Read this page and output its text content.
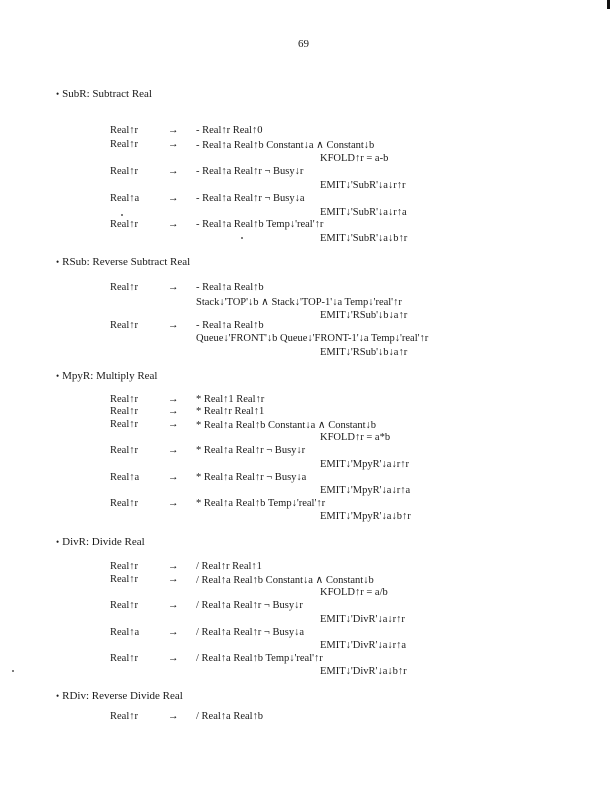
69
• SubR: Subtract Real
Real↑r	→ - Real↑r Real↑0
Real↑r	→ - Real↑a Real↑b Constant↓a ∧ Constant↓b
KFOLD↑r = a-b
Real↑r	→ - Real↑a Real↑r ¬ Busy↓r
EMIT↓'SubR'↓a↓r↑r
Real↑a	→ - Real↑a Real↑r ¬ Busy↓a
EMIT↓'SubR'↓a↓r↑a
Real↑r	→ - Real↑a Real↑b Temp↓'real'↑r
EMIT↓'SubR'↓a↓b↑r
• RSub: Reverse Subtract Real
Real↑r	→ - Real↑a Real↑b
Stack↓'TOP'↓b ∧ Stack↓'TOP-1'↓a Temp↓'real'↑r
EMIT↓'RSub'↓b↓a↑r
Real↑r	→ - Real↑a Real↑b
Queue↓'FRONT'↓b Queue↓'FRONT-1'↓a Temp↓'real'↑r
EMIT↓'RSub'↓b↓a↑r
• MpyR: Multiply Real
Real↑r	→ * Real↑1 Real↑r
Real↑r	→ * Real↑r Real↑1
Real↑r	→ * Real↑a Real↑b Constant↓a ∧ Constant↓b
KFOLD↑r = a*b
Real↑r	→ * Real↑a Real↑r ¬ Busy↓r
EMIT↓'MpyR'↓a↓r↑r
Real↑a	→ * Real↑a Real↑r ¬ Busy↓a
EMIT↓'MpyR'↓a↓r↑a
Real↑r	→ * Real↑a Real↑b Temp↓'real'↑r
EMIT↓'MpyR'↓a↓b↑r
• DivR: Divide Real
Real↑r	→ / Real↑r Real↑1
Real↑r	→ / Real↑a Real↑b Constant↓a ∧ Constant↓b
KFOLD↑r = a/b
Real↑r	→ / Real↑a Real↑r ¬ Busy↓r
EMIT↓'DivR'↓a↓r↑r
Real↑a	→ / Real↑a Real↑r ¬ Busy↓a
EMIT↓'DivR'↓a↓r↑a
Real↑r	→ / Real↑a Real↑b Temp↓'real'↑r
EMIT↓'DivR'↓a↓b↑r
• RDiv: Reverse Divide Real
Real↑r	→ / Real↑a Real↑b
